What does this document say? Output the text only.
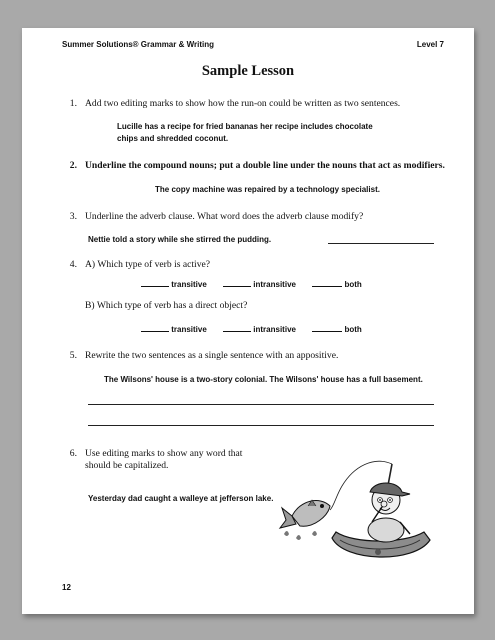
Summer Solutions® Grammar & Writing	Level 7
Sample Lesson
1. Add two editing marks to show how the run-on could be written as two sentences.
Lucille has a recipe for fried bananas her recipe includes chocolate
chips and shredded coconut.
2. Underline the compound nouns; put a double line under the nouns that act as modifiers.
The copy machine was repaired by a technology specialist.
3. Underline the adverb clause. What word does the adverb clause modify?
Nettie told a story while she stirred the pudding.
4. A) Which type of verb is active?
transitive	intransitive	both
B) Which type of verb has a direct object?
transitive	intransitive	both
5. Rewrite the two sentences as a single sentence with an appositive.
The Wilsons' house is a two-story colonial. The Wilsons' house has a full basement.
6. Use editing marks to show any word that
should be capitalized.
Yesterday dad caught a walleye at jefferson lake.
12
